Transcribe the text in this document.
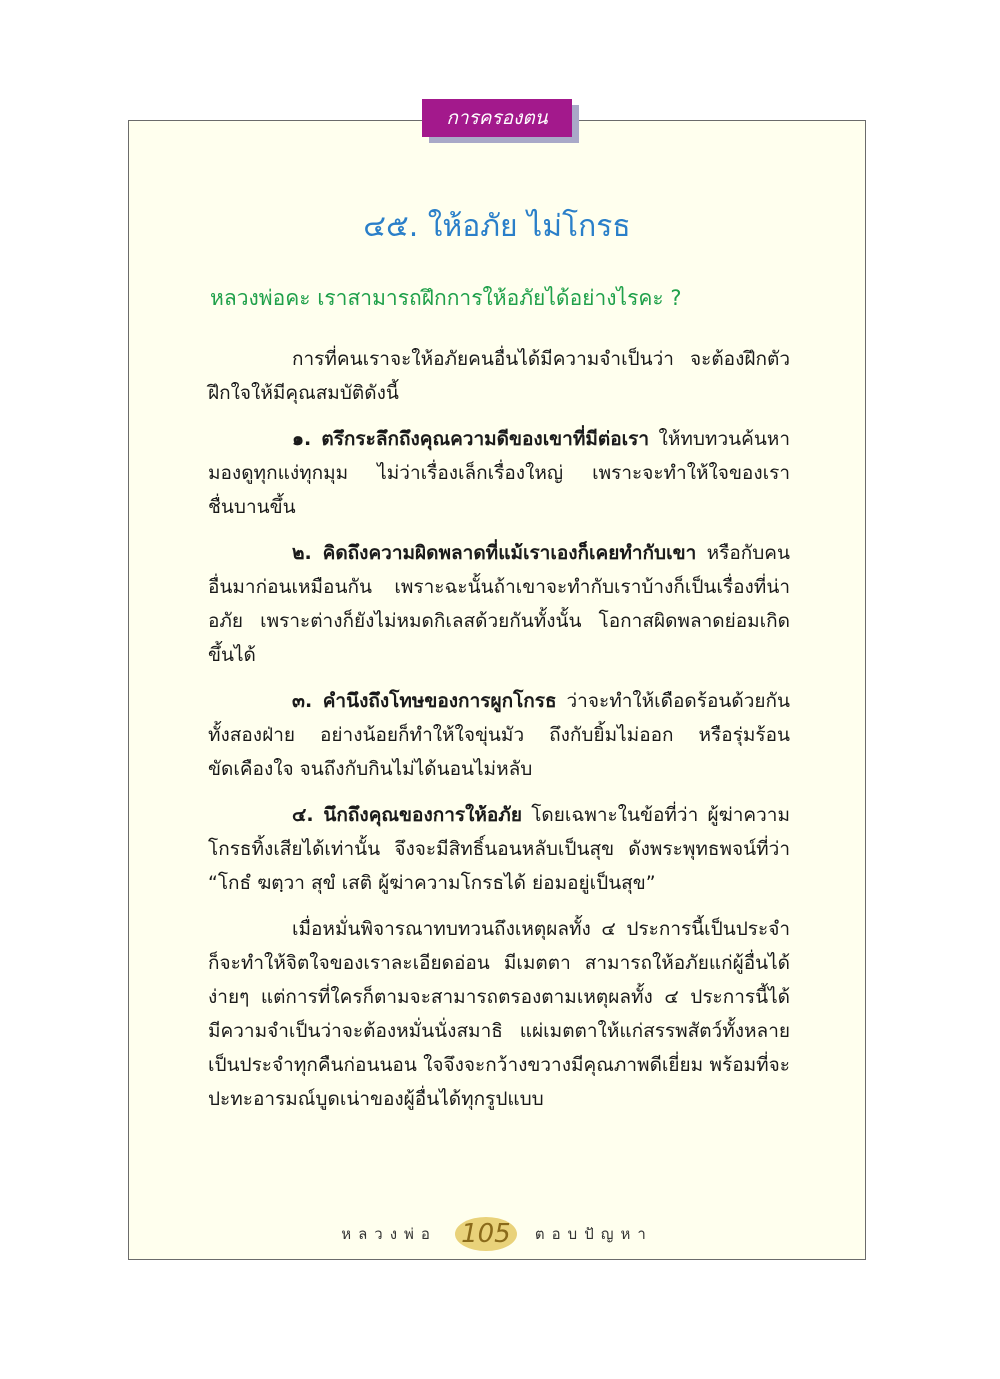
การครองตน
๔๕. ให้อภัย ไม่โกรธ
หลวงพ่อคะ เราสามารถฝึกการให้อภัยได้อย่างไรคะ ?

การที่คนเราจะให้อภัยคนอื่นได้มีความจำเป็นว่า จะต้องฝึกตัวฝึกใจให้มีคุณสมบัติดังนี้

๑. ตรึกระลึกถึงคุณความดีของเขาที่มีต่อเรา ให้ทบทวนค้นหา มองดูทุกแง่ทุกมุม ไม่ว่าเรื่องเล็กเรื่องใหญ่ เพราะจะทำให้ใจของเราชื่นบานขึ้น

๒. คิดถึงความผิดพลาดที่แม้เราเองก็เคยทำกับเขา หรือกับคนอื่นมาก่อนเหมือนกัน เพราะฉะนั้นถ้าเขาจะทำกับเราบ้างก็เป็นเรื่องที่น่าอภัย เพราะต่างก็ยังไม่หมดกิเลสด้วยกันทั้งนั้น โอกาสผิดพลาดย่อมเกิดขึ้นได้

๓. คำนึงถึงโทษของการผูกโกรธ ว่าจะทำให้เดือดร้อนด้วยกันทั้งสองฝ่าย อย่างน้อยก็ทำให้ใจขุ่นมัว ถึงกับยิ้มไม่ออก หรือรุ่มร้อนขัดเคืองใจ จนถึงกับกินไม่ได้นอนไม่หลับ

๔. นึกถึงคุณของการให้อภัย โดยเฉพาะในข้อที่ว่า ผู้ฆ่าความโกรธทิ้งเสียได้เท่านั้น จึงจะมีสิทธิ์นอนหลับเป็นสุข ดังพระพุทธพจน์ที่ว่า “โกธํ ฆตฺวา สุขํ เสติ ผู้ฆ่าความโกรธได้ ย่อมอยู่เป็นสุข”

เมื่อหมั่นพิจารณาทบทวนถึงเหตุผลทั้ง ๔ ประการนี้เป็นประจำก็จะทำให้จิตใจของเราละเอียดอ่อน มีเมตตา สามารถให้อภัยแก่ผู้อื่นได้ง่ายๆ แต่การที่ใครก็ตามจะสามารถตรองตามเหตุผลทั้ง ๔ ประการนี้ได้ มีความจำเป็นว่าจะต้องหมั่นนั่งสมาธิ แผ่เมตตาให้แก่สรรพสัตว์ทั้งหลายเป็นประจำทุกคืนก่อนนอน ใจจึงจะกว้างขวางมีคุณภาพดีเยี่ยม พร้อมที่จะปะทะอารมณ์บูดเน่าของผู้อื่นได้ทุกรูปแบบ

หลวงพ่อ 105	ตอบปัญหา
